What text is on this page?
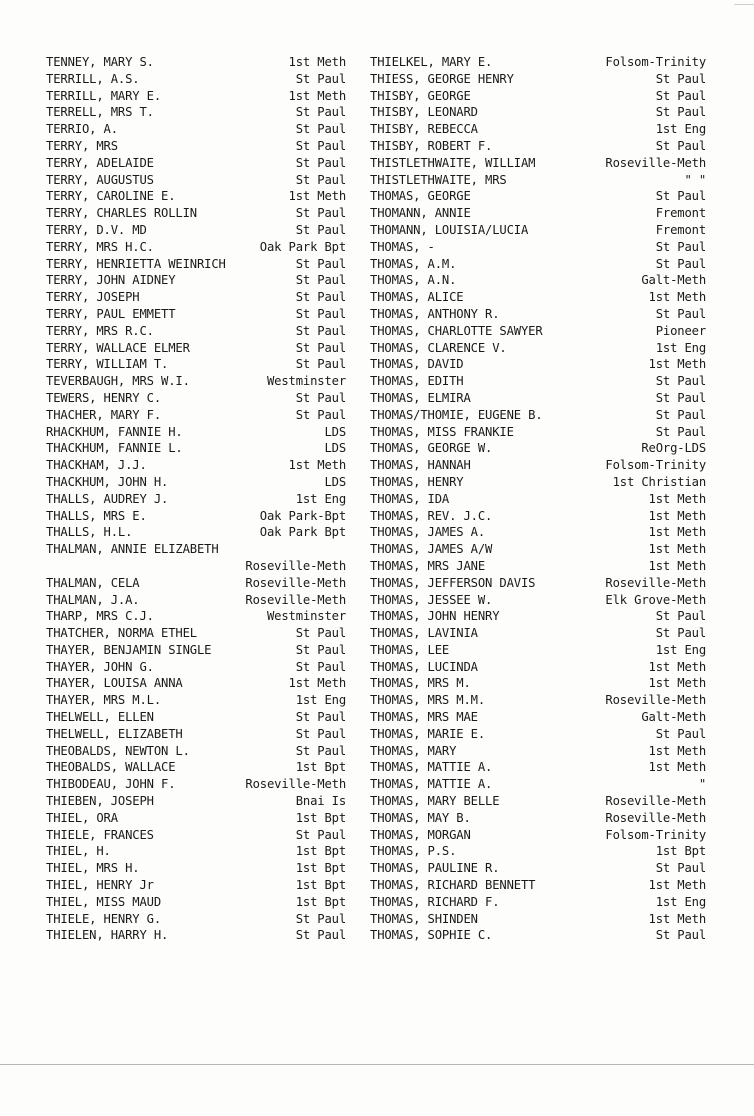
TENNEY, MARY S.	1st Meth
TERRILL, A.S.	St Paul
TERRILL, MARY E.	1st Meth
TERRELL, MRS T.	St Paul
TERRIO, A.	St Paul
TERRY, MRS	St Paul
TERRY, ADELAIDE	St Paul
TERRY, AUGUSTUS	St Paul
TERRY, CAROLINE E.	1st Meth
TERRY, CHARLES ROLLIN	St Paul
TERRY, D.V. MD	St Paul
TERRY, MRS H.C.	Oak Park Bpt
TERRY, HENRIETTA WEINRICH	St Paul
TERRY, JOHN AIDNEY	St Paul
TERRY, JOSEPH	St Paul
TERRY, PAUL EMMETT	St Paul
TERRY, MRS R.C.	St Paul
TERRY, WALLACE ELMER	St Paul
TERRY, WILLIAM T.	St Paul
TEVERBAUGH, MRS W.I.	Westminster
TEWERS, HENRY C.	St Paul
THACHER, MARY F.	St Paul
RHACKHUM, FANNIE H.	LDS
THACKHUM, FANNIE L.	LDS
THACKHAM, J.J.	1st Meth
THACKHUM, JOHN H.	LDS
THALLS, AUDREY J.	1st Eng
THALLS, MRS E.	Oak Park-Bpt
THALLS, H.L.	Oak Park Bpt
THALMAN, ANNIE ELIZABETH
Roseville-Meth
THALMAN, CELA	Roseville-Meth
THALMAN, J.A.	Roseville-Meth
THARP, MRS C.J.	Westminster
THATCHER, NORMA ETHEL	St Paul
THAYER, BENJAMIN SINGLE	St Paul
THAYER, JOHN G.	St Paul
THAYER, LOUISA ANNA	1st Meth
THAYER, MRS M.L.	1st Eng
THELWELL, ELLEN	St Paul
THELWELL, ELIZABETH	St Paul
THEOBALDS, NEWTON L.	St Paul
THEOBALDS, WALLACE	1st Bpt
THIBODEAU, JOHN F.	Roseville-Meth
THIEBEN, JOSEPH	Bnai Is
THIEL, ORA	1st Bpt
THIELE, FRANCES	St Paul
THIEL, H.	1st Bpt
THIEL, MRS H.	1st Bpt
THIEL, HENRY Jr	1st Bpt
THIEL, MISS MAUD	1st Bpt
THIELE, HENRY G.	St Paul
THIELEN, HARRY H.	St Paul
THIELKEL, MARY E.	Folsom-Trinity
THIESS, GEORGE HENRY	St Paul
THISBY, GEORGE	St Paul
THISBY, LEONARD	St Paul
THISBY, REBECCA	1st Eng
THISBY, ROBERT F.	St Paul
THISTLETHWAITE, WILLIAM	Roseville-Meth
THISTLETHWAITE, MRS	" "
THOMAS, GEORGE	St Paul
THOMANN, ANNIE	Fremont
THOMANN, LOUISIA/LUCIA	Fremont
THOMAS, -	St Paul
THOMAS, A.M.	St Paul
THOMAS, A.N.	Galt-Meth
THOMAS, ALICE	1st Meth
THOMAS, ANTHONY R.	St Paul
THOMAS, CHARLOTTE SAWYER	Pioneer
THOMAS, CLARENCE V.	1st Eng
THOMAS, DAVID	1st Meth
THOMAS, EDITH	St Paul
THOMAS, ELMIRA	St Paul
THOMAS/THOMIE, EUGENE B.	St Paul
THOMAS, MISS FRANKIE	St Paul
THOMAS, GEORGE W.	ReOrg-LDS
THOMAS, HANNAH	Folsom-Trinity
THOMAS, HENRY	1st Christian
THOMAS, IDA	1st Meth
THOMAS, REV. J.C.	1st Meth
THOMAS, JAMES A.	1st Meth
THOMAS, JAMES A/W	1st Meth
THOMAS, MRS JANE	1st Meth
THOMAS, JEFFERSON DAVIS	Roseville-Meth
THOMAS, JESSEE W.	Elk Grove-Meth
THOMAS, JOHN HENRY	St Paul
THOMAS, LAVINIA	St Paul
THOMAS, LEE	1st Eng
THOMAS, LUCINDA	1st Meth
THOMAS, MRS M.	1st Meth
THOMAS, MRS M.M.	Roseville-Meth
THOMAS, MRS MAE	Galt-Meth
THOMAS, MARIE E.	St Paul
THOMAS, MARY	1st Meth
THOMAS, MATTIE A.	1st Meth
THOMAS, MATTIE A.	"
THOMAS, MARY BELLE	Roseville-Meth
THOMAS, MAY B.	Roseville-Meth
THOMAS, MORGAN	Folsom-Trinity
THOMAS, P.S.	1st Bpt
THOMAS, PAULINE R.	St Paul
THOMAS, RICHARD BENNETT	1st Meth
THOMAS, RICHARD F.	1st Eng
THOMAS, SHINDEN	1st Meth
THOMAS, SOPHIE C.	St Paul
